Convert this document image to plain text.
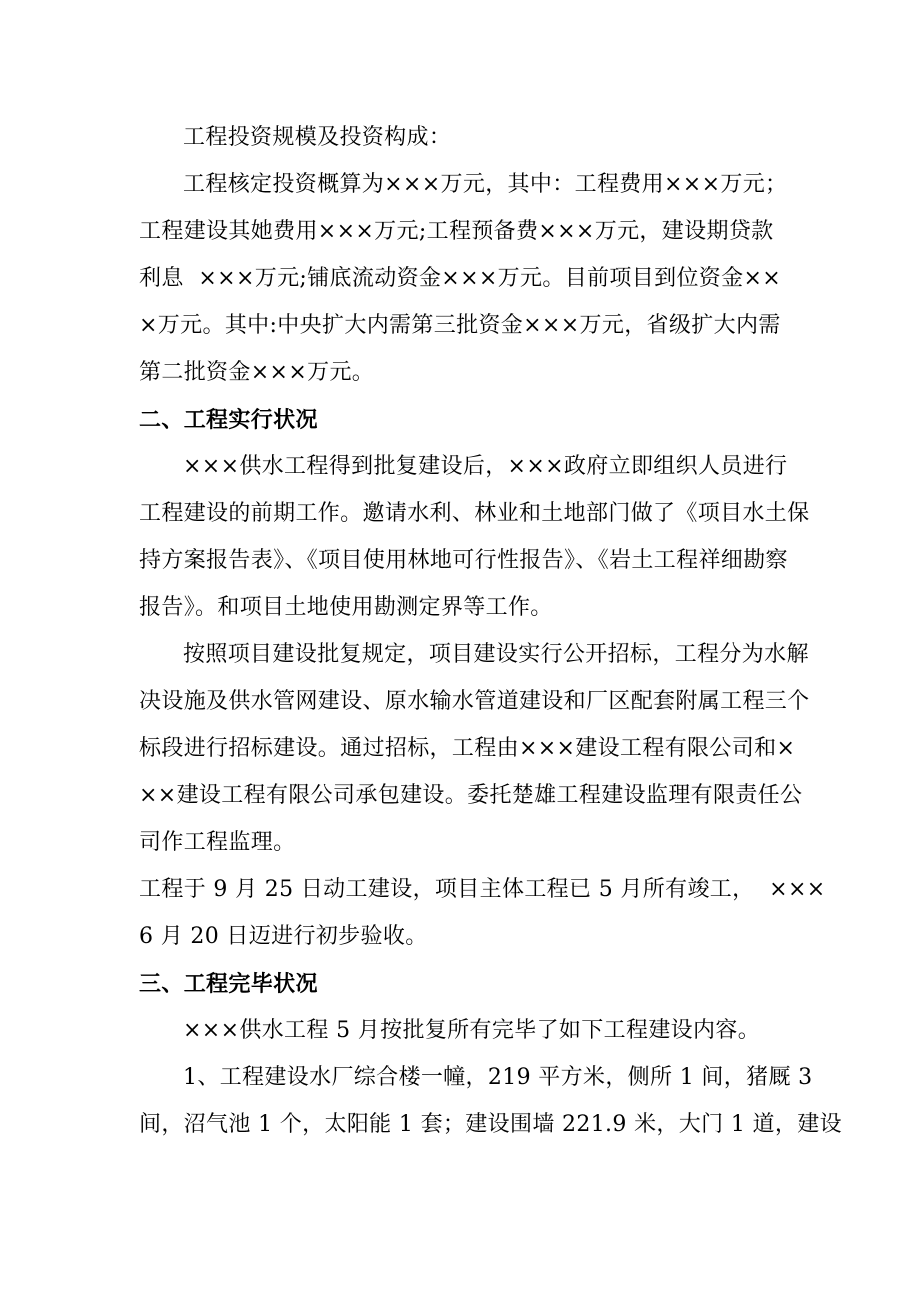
工程投资规模及投资构成：
工程核定投资概算为×××万元，其中：工程费用×××万元；
工程建设其她费用×××万元;工程预备费×××万元，建设期贷款
利息  ×××万元;铺底流动资金×××万元。目前项目到位资金××
×万元。其中:中央扩大内需第三批资金×××万元，省级扩大内需
第二批资金×××万元。
二、工程实行状况
×××供水工程得到批复建设后，×××政府立即组织人员进行
工程建设的前期工作。邀请水利、林业和土地部门做了《项目水土保
持方案报告表》、《项目使用林地可行性报告》、《岩土工程祥细勘察
报告》。和项目土地使用勘测定界等工作。
按照项目建设批复规定，项目建设实行公开招标，工程分为水解
决设施及供水管网建设、原水输水管道建设和厂区配套附属工程三个
标段进行招标建设。通过招标，工程由×××建设工程有限公司和×
××建设工程有限公司承包建设。委托楚雄工程建设监理有限责任公
司作工程监理。
工程于 9 月 25 日动工建设，项目主体工程已 5 月所有竣工，  ×××
6 月 20 日迈进行初步验收。
三、工程完毕状况
×××供水工程 5 月按批复所有完毕了如下工程建设内容。
1、工程建设水厂综合楼一幢，219 平方米，侧所 1 间，猪厩 3
间，沼气池 1 个，太阳能 1 套；建设围墙 221.9 米，大门 1 道，建设
